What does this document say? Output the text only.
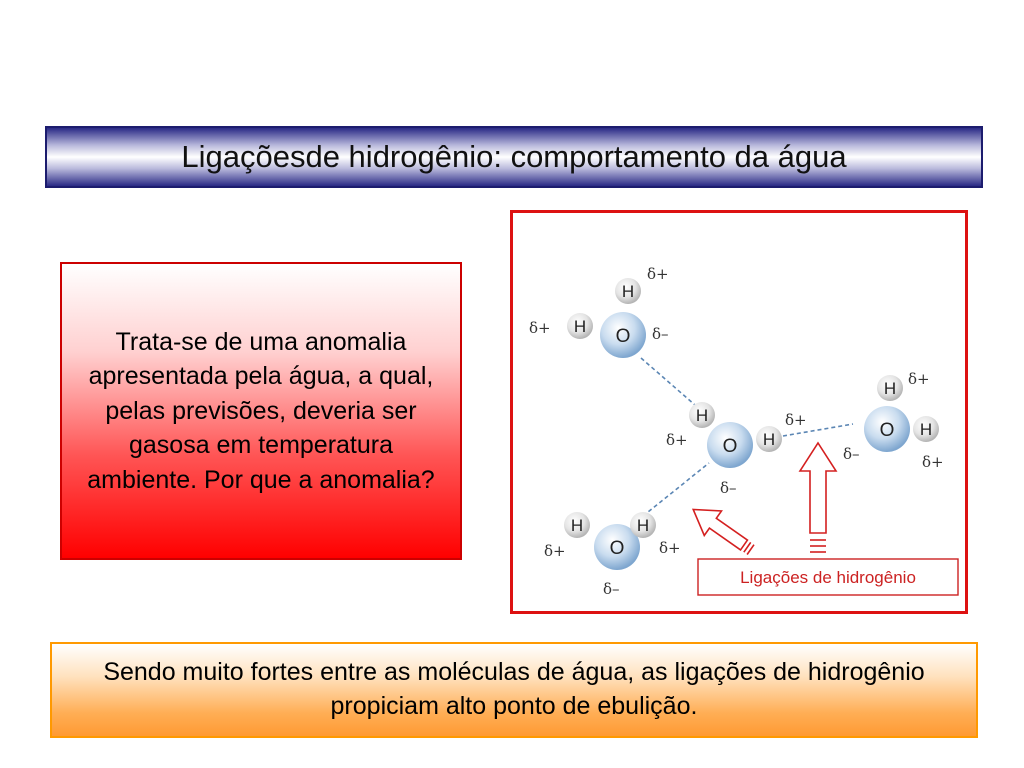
Ligaçõesde hidrogênio: comportamento da água
Trata-se de uma anomalia apresentada pela água, a qual, pelas previsões, deveria ser gasosa em temperatura ambiente. Por que a anomalia?
O
H
H
δ+
δ+	δ–
O
H
H
δ+
δ+
δ–
O
H
H
δ+
δ+
δ–
O
H	H
δ+	δ+
δ–
Ligações de hidrogênio
Sendo muito fortes entre as moléculas de água, as ligações de hidrogênio propiciam alto ponto de ebulição.
